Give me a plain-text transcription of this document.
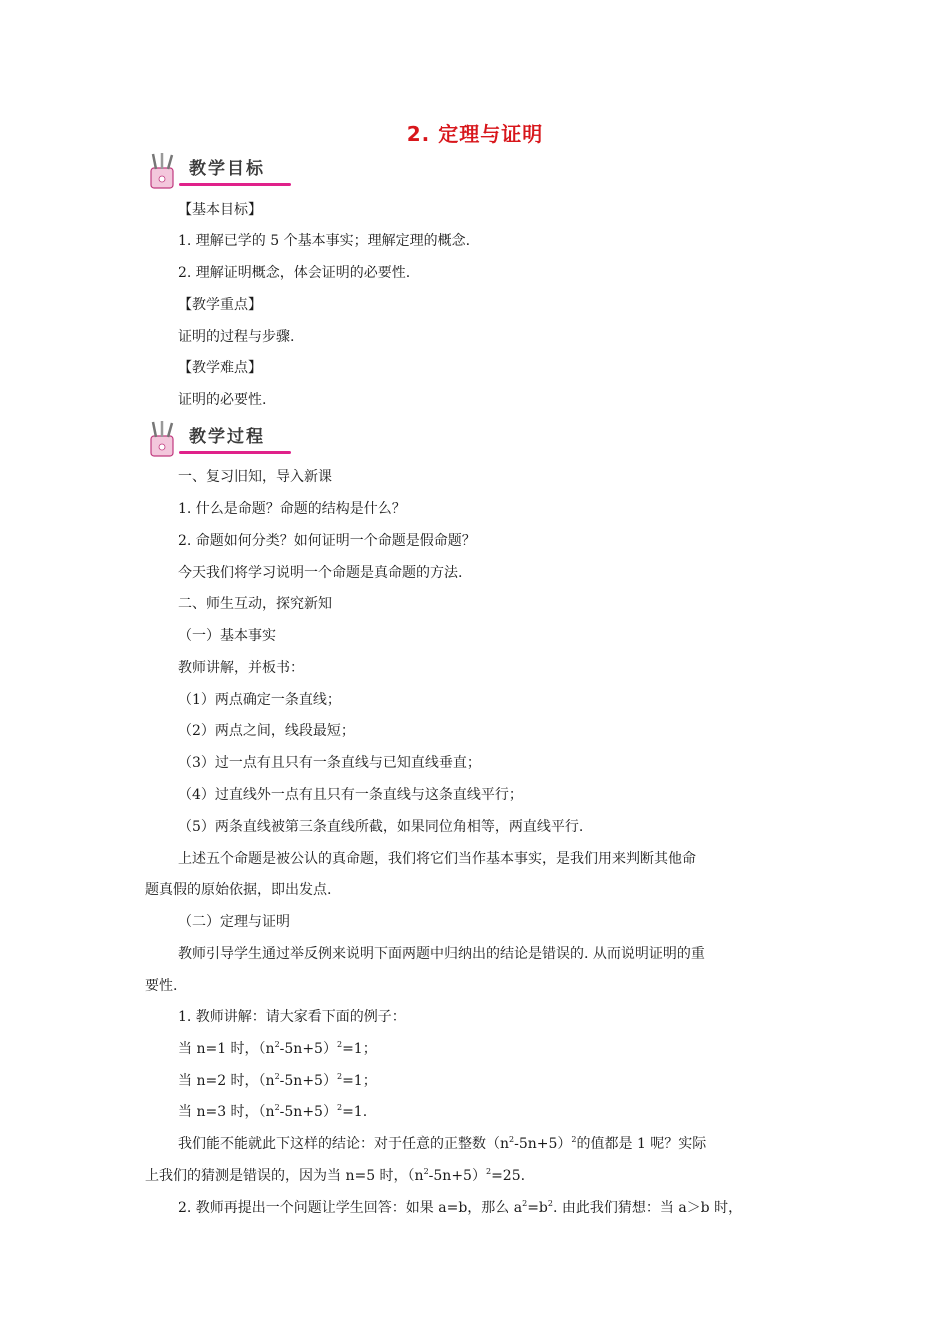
2. 定理与证明
教学目标
【基本目标】
1. 理解已学的 5 个基本事实；理解定理的概念.
2. 理解证明概念，体会证明的必要性.
【教学重点】
证明的过程与步骤.
【教学难点】
证明的必要性.
教学过程
一、复习旧知，导入新课
1. 什么是命题？命题的结构是什么？
2. 命题如何分类？如何证明一个命题是假命题？
今天我们将学习说明一个命题是真命题的方法.
二、师生互动，探究新知
（一）基本事实
教师讲解，并板书：
（1）两点确定一条直线；
（2）两点之间，线段最短；
（3）过一点有且只有一条直线与已知直线垂直；
（4）过直线外一点有且只有一条直线与这条直线平行；
（5）两条直线被第三条直线所截，如果同位角相等，两直线平行.
上述五个命题是被公认的真命题，我们将它们当作基本事实，是我们用来判断其他命
题真假的原始依据，即出发点.
（二）定理与证明
教师引导学生通过举反例来说明下面两题中归纳出的结论是错误的. 从而说明证明的重
要性.
1. 教师讲解：请大家看下面的例子：
当 n=1 时，$(n^2-5n+5)^2=1$；
当 n=2 时，$(n^2-5n+5)^2=1$；
当 n=3 时，$(n^2-5n+5)^2=1$.
我们能不能就此下这样的结论：对于任意的正整数$(n^2-5n+5)^2$的值都是 1 呢？实际
上我们的猜测是错误的，因为当 n=5 时，$(n^2-5n+5)^2=25$.
2. 教师再提出一个问题让学生回答：如果 a=b，那么 $a^2=b^2$. 由此我们猜想：当 a＞b 时，
